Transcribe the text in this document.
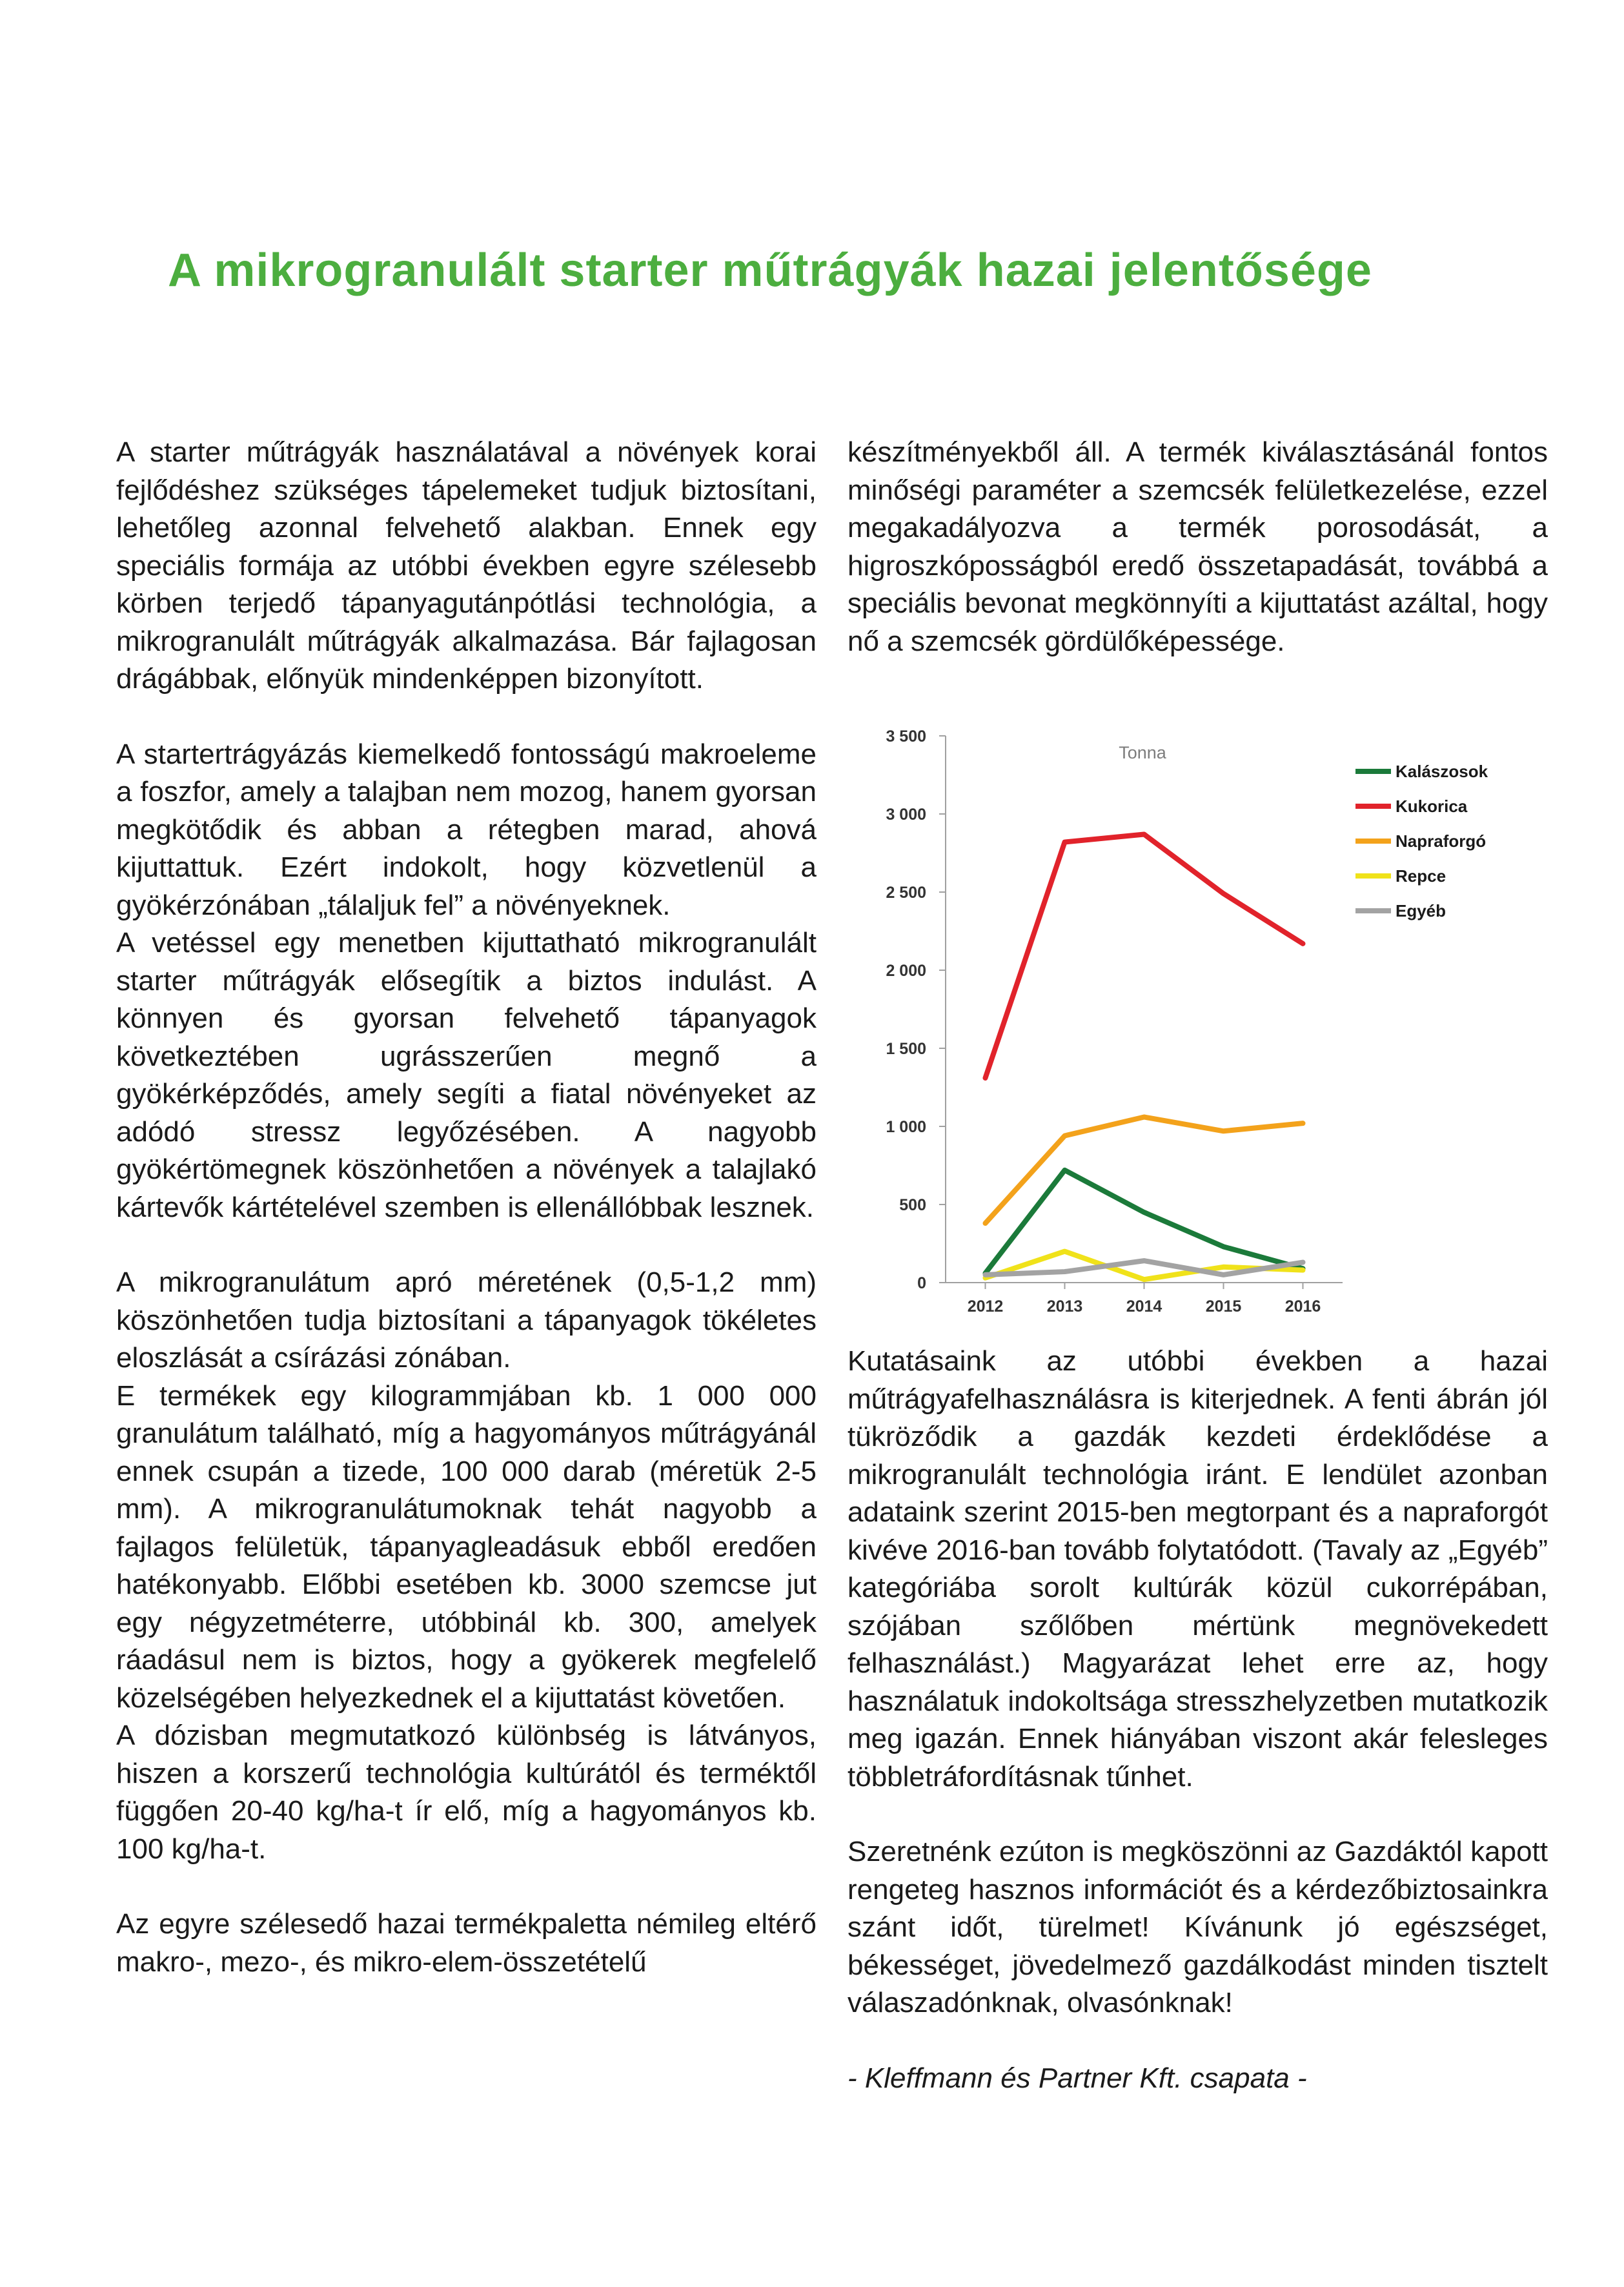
A mikrogranulált starter műtrágyák hazai jelentősége

A starter műtrágyák használatával a növények korai fejlődéshez szükséges tápelemeket tudjuk biztosítani, lehetőleg azonnal felvehető alakban. Ennek egy speciális formája az utóbbi években egyre szélesebb körben terjedő tápanyagutánpótlási technológia, a mikrogranulált műtrágyák alkalmazása. Bár fajlagosan drágábbak, előnyük mindenképpen bizonyított.

A startertrágyázás kiemelkedő fontosságú makroeleme a foszfor, amely a talajban nem mozog, hanem gyorsan megkötődik és abban a rétegben marad, ahová kijuttattuk. Ezért indokolt, hogy közvetlenül a gyökérzónában „tálaljuk fel” a növényeknek.

A vetéssel egy menetben kijuttatható mikrogranulált starter műtrágyák elősegítik a biztos indulást. A könnyen és gyorsan felvehető tápanyagok következtében ugrásszerűen megnő a gyökérképződés, amely segíti a fiatal növényeket az adódó stressz legyőzésében. A nagyobb gyökértömegnek köszönhetően a növények a talajlakó kártevők kártételével szemben is ellenállóbbak lesznek.

A mikrogranulátum apró méretének (0,5-1,2 mm) köszönhetően tudja biztosítani a tápanyagok tökéletes eloszlását a csírázási zónában.

E termékek egy kilogrammjában kb. 1 000 000 granulátum található, míg a hagyományos műtrágyánál ennek csupán a tizede, 100 000 darab (méretük 2-5 mm). A mikrogranulátumoknak tehát nagyobb a fajlagos felületük, tápanyagleadásuk ebből eredően hatékonyabb. Előbbi esetében kb. 3000 szemcse jut egy négyzetméterre, utóbbinál kb. 300, amelyek ráadásul nem is biztos, hogy a gyökerek megfelelő közelségében helyezkednek el a kijuttatást követően.

A dózisban megmutatkozó különbség is látványos, hiszen a korszerű technológia kultúrától és terméktől függően 20-40 kg/ha-t ír elő, míg a hagyományos kb. 100 kg/ha-t.

Az egyre szélesedő hazai termékpaletta némileg eltérő makro-, mezo-, és mikro-elem-összetételű

készítményekből áll. A termék kiválasztásánál fontos minőségi paraméter a szemcsék felületkezelése, ezzel megakadályozva a termék porosodását, a higroszkóposságból eredő összetapadását, továbbá a speciális bevonat megkönnyíti a kijuttatást azáltal, hogy nő a szemcsék gördülőképessége.

0
500
1 000
1 500
2 000
2 500
3 000
3 500
2012	2013	2014	2015	2016
Kalászosok
Kukorica
Napraforgó
Repce
Egyéb
Tonna

Kutatásaink az utóbbi években a hazai műtrágyafelhasználásra is kiterjednek. A fenti ábrán jól tükröződik a gazdák kezdeti érdeklődése a mikrogranulált technológia iránt. E lendület azonban adataink szerint 2015-ben megtorpant és a napraforgót kivéve 2016-ban tovább folytatódott. (Tavaly az „Egyéb” kategóriába sorolt kultúrák közül cukorrépában, szójában szőlőben mértünk megnövekedett felhasználást.) Magyarázat lehet erre az, hogy használatuk indokoltsága stresszhelyzetben mutatkozik meg igazán. Ennek hiányában viszont akár felesleges többletráfordításnak tűnhet.

Szeretnénk ezúton is megköszönni az Gazdáktól kapott rengeteg hasznos információt és a kérdezőbiztosainkra szánt időt, türelmet! Kívánunk jó egészséget, békességet, jövedelmező gazdálkodást minden tisztelt válaszadónknak, olvasónknak!

- Kleffmann és Partner Kft. csapata -
